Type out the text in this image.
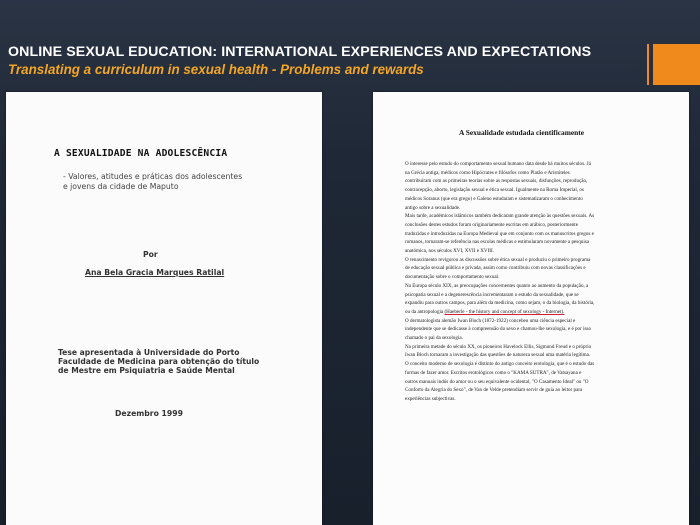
ONLINE SEXUAL EDUCATION: INTERNATIONAL EXPERIENCES AND EXPECTATIONS
Translating a curriculum in sexual health - Problems and rewards
A SEXUALIDADE NA ADOLESCÊNCIA
- Valores, atitudes e práticas dos adolescentes
e jovens da cidade de Maputo
Por
Ana Bela Gracia Marques Ratilal
Tese apresentada à Universidade do Porto
Faculdade de Medicina para obtenção do título
de Mestre em Psiquiatria e Saúde Mental
Dezembro 1999
A Sexualidade estudada cientificamente
O interesse pelo estudo do comportamento sexual humano data desde há muitos séculos. Já
na Grécia antiga, médicos como Hipócrates e filósofos como Platão e Aristóteles
contribuíram com as primeiras teorias sobre as respostas sexuais, disfunções, reprodução,
contracepção, aborto, legislação sexual e ética sexual. Igualmente na Roma Imperial, os
médicos Soranus (que era grego) e Galeno estudaram e sistematizaram o conhecimento
antigo sobre a sexualidade.
Mais tarde, académicos islâmicos também dedicaram grande atenção às questões sexuais. As
conclusões destes estudos foram originariamente escritas em arábico, posteriormente
traduzidas e introduzidas na Europa Medieval que em conjunto com os manuscritos gregos e
romanos, tornaram-se referência nas escolas médicas e estimularam novamente a pesquisa
anatómica, nos séculos XVI, XVII e XVIII.
O renascimento revigorou as discussões sobre ética sexual e produziu o primeiro programa
de educação sexual pública e privada, assim como contribuiu com novas classificações e
documentação sobre o comportamento sexual.
Na Europa século XIX, as preocupações concernentes quanto ao aumento da população, a
psicopatia sexual e a degenerescência incrementaram o estudo da sexualidade, que se
expandiu para outros campos, para além da medicina, como sejam, o da biologia, da história,
ou da antropologia (Haeberle - the history and concept of sexology - Internet).
O dermatologista alemão Iwan Bloch (1872-1922) concebeu uma ciência especial e
independente que se dedicasse à compreensão do sexo e chamou-lhe sexologia, e é por isso
chamado o pai da sexologia.
Na primeira metade do século XX, os pioneiros Havelock Ellis, Sigmund Freud e o próprio
Iwan Bloch tornaram a investigação das questões de natureza sexual uma matéria legítima.
O conceito moderno de sexologia é distinto do antigo conceito erotologia, que é o estudo das
formas de fazer amor. Escritos erotológicos como o "KAMA SUTRA", de Vatsayana e
outros manuais indús do amor ou o seu equivalente ocidental, "O Casamento Ideal" ou "O
Conforto da Alegria do Sexo", de Van de Velde pretendiam servir de guia ao leitor para
experiências subjectivas.
